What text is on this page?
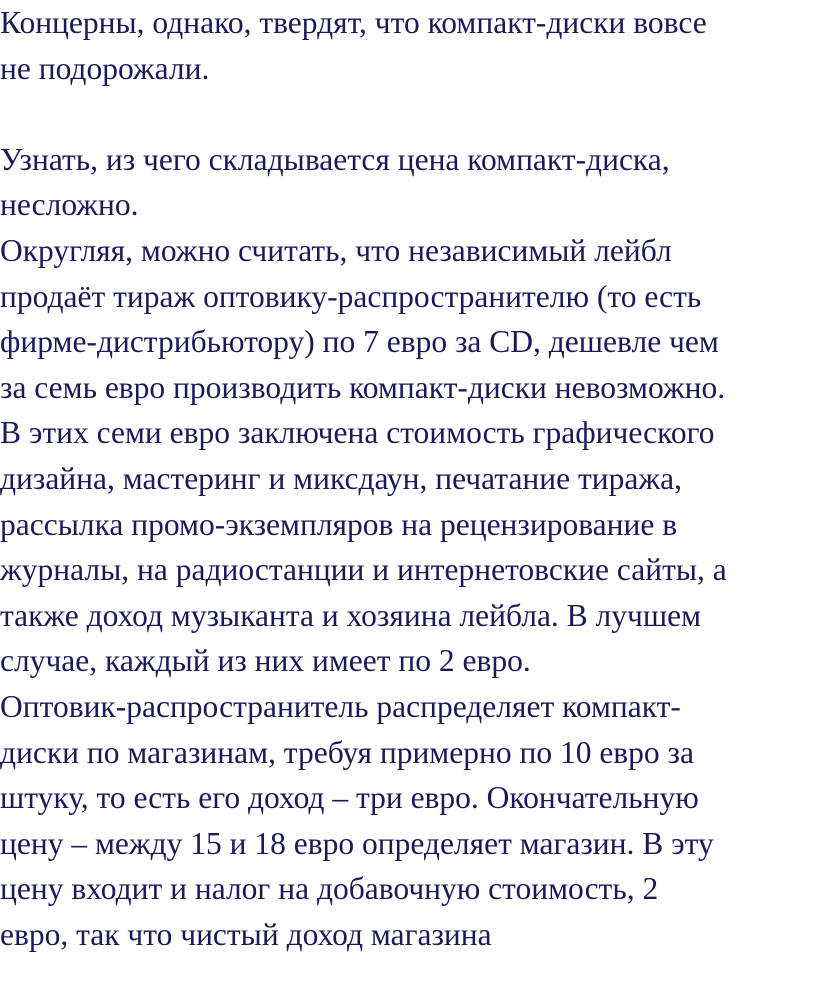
Концерны, однако, твердят, что компакт-диски вовсе
не подорожали.
Узнать, из чего складывается цена компакт-диска,
несложно.
Округляя, можно считать, что независимый лейбл
продаёт тираж оптовику-распространителю (то есть
фирме-дистрибьютору) по 7 евро за CD, дешевле чем
за семь евро производить компакт-диски невозможно.
В этих семи евро заключена стоимость графического
дизайна, мастеринг и миксдаун, печатание тиража,
рассылка промо-экземпляров на рецензирование в
журналы, на радиостанции и интернетовские сайты, а
также доход музыканта и хозяина лейбла. В лучшем
случае, каждый из них имеет по 2 евро.
Оптовик-распространитель распределяет компакт-
диски по магазинам, требуя примерно по 10 евро за
штуку, то есть его доход – три евро. Окончательную
цену – между 15 и 18 евро определяет магазин. В эту
цену входит и налог на добавочную стоимость, 2
евро, так что чистый доход магазина
